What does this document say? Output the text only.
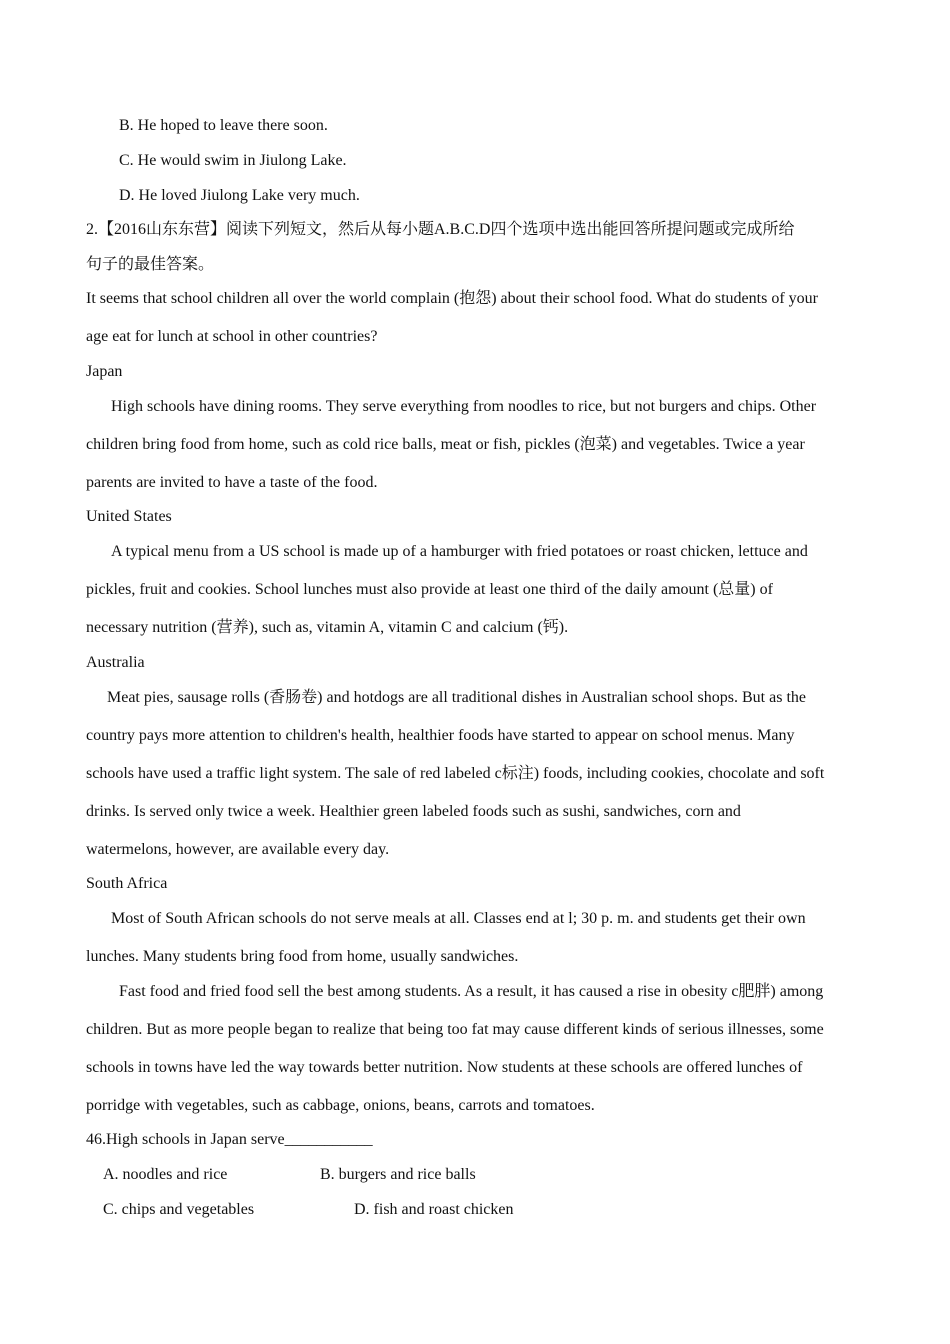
B. He hoped to leave there soon.
C. He would swim in Jiulong Lake.
D. He loved Jiulong Lake very much.
2.【2016山东东营】阅读下列短文，然后从每小题A.B.C.D四个选项中选出能回答所提问题或完成所给
句子的最佳答案。
It seems that school children all over the world complain (抱怨) about their school food. What do students of your
age eat for lunch at school in other countries?
Japan
High schools have dining rooms. They serve everything from noodles to rice, but not burgers and chips. Other
children bring food from home, such as cold rice balls, meat or fish, pickles (泡菜) and vegetables. Twice a year
parents are invited to have a taste of the food.
United States
A typical menu from a US school is made up of a hamburger with fried potatoes or roast chicken, lettuce and
pickles, fruit and cookies. School lunches must also provide at least one third of the daily amount (总量) of
necessary nutrition (营养), such as, vitamin A, vitamin C and calcium (钙).
Australia
Meat pies, sausage rolls (香肠卷) and hotdogs are all traditional dishes in Australian school shops. But as the
country pays more attention to children's health, healthier foods have started to appear on school menus. Many
schools have used a traffic light system. The sale of red labeled c标注) foods, including cookies, chocolate and soft
drinks. Is served only twice a week. Healthier green labeled foods such as sushi, sandwiches, corn and
watermelons, however, are available every day.
South Africa
Most of South African schools do not serve meals at all. Classes end at l; 30 p. m. and students get their own
lunches. Many students bring food from home, usually sandwiches.
Fast food and fried food sell the best among students. As a result, it has caused a rise in obesity c肥胖) among
children. But as more people began to realize that being too fat may cause different kinds of serious illnesses, some
schools in towns have led the way towards better nutrition. Now students at these schools are offered lunches of
porridge with vegetables, such as cabbage, onions, beans, carrots and tomatoes.
46.High schools in Japan serve___________
A. noodles and rice	B. burgers and rice balls
C. chips and vegetables	D. fish and roast chicken
